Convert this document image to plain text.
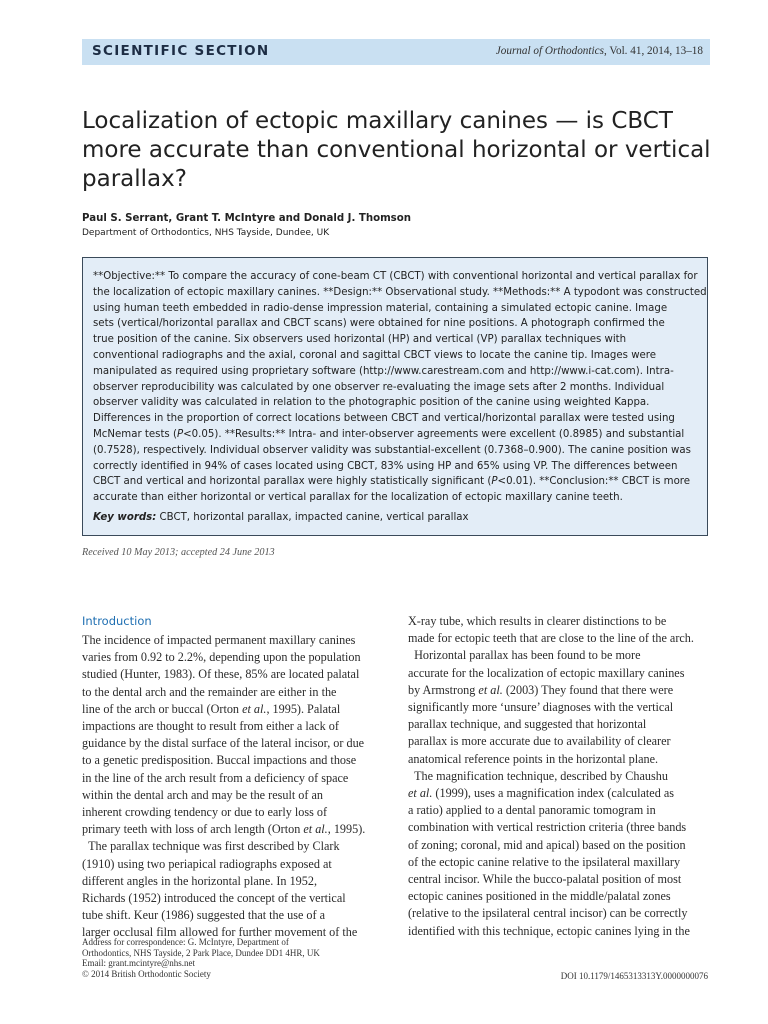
SCIENTIFIC SECTION	Journal of Orthodontics, Vol. 41, 2014, 13–18
Localization of ectopic maxillary canines — is CBCT
more accurate than conventional horizontal or vertical
parallax?
Paul S. Serrant, Grant T. McIntyre and Donald J. Thomson
Department of Orthodontics, NHS Tayside, Dundee, UK
**Objective:** To compare the accuracy of cone-beam CT (CBCT) with conventional horizontal and vertical parallax for
the localization of ectopic maxillary canines. **Design:** Observational study. **Methods:** A typodont was constructed
using human teeth embedded in radio-dense impression material, containing a simulated ectopic canine. Image
sets (vertical/horizontal parallax and CBCT scans) were obtained for nine positions. A photograph confirmed the
true position of the canine. Six observers used horizontal (HP) and vertical (VP) parallax techniques with
conventional radiographs and the axial, coronal and sagittal CBCT views to locate the canine tip. Images were
manipulated as required using proprietary software (http://www.carestream.com and http://www.i-cat.com). Intra-
observer reproducibility was calculated by one observer re-evaluating the image sets after 2 months. Individual
observer validity was calculated in relation to the photographic position of the canine using weighted Kappa.
Differences in the proportion of correct locations between CBCT and vertical/horizontal parallax were tested using
McNemar tests (P<0.05). **Results:** Intra- and inter-observer agreements were excellent (0.8985) and substantial
(0.7528), respectively. Individual observer validity was substantial-excellent (0.7368–0.900). The canine position was
correctly identified in 94% of cases located using CBCT, 83% using HP and 65% using VP. The differences between
CBCT and vertical and horizontal parallax were highly statistically significant (P<0.01). **Conclusion:** CBCT is more
accurate than either horizontal or vertical parallax for the localization of ectopic maxillary canine teeth.
Key words: CBCT, horizontal parallax, impacted canine, vertical parallax
Received 10 May 2013; accepted 24 June 2013
Introduction
The incidence of impacted permanent maxillary canines
varies from 0.92 to 2.2%, depending upon the population
studied (Hunter, 1983). Of these, 85% are located palatal
to the dental arch and the remainder are either in the
line of the arch or buccal (Orton et al., 1995). Palatal
impactions are thought to result from either a lack of
guidance by the distal surface of the lateral incisor, or due
to a genetic predisposition. Buccal impactions and those
in the line of the arch result from a deficiency of space
within the dental arch and may be the result of an
inherent crowding tendency or due to early loss of
primary teeth with loss of arch length (Orton et al., 1995).
The parallax technique was first described by Clark
(1910) using two periapical radiographs exposed at
different angles in the horizontal plane. In 1952,
Richards (1952) introduced the concept of the vertical
tube shift. Keur (1986) suggested that the use of a
larger occlusal film allowed for further movement of the
X-ray tube, which results in clearer distinctions to be
made for ectopic teeth that are close to the line of the arch.
Horizontal parallax has been found to be more
accurate for the localization of ectopic maxillary canines
by Armstrong et al. (2003) They found that there were
significantly more ‘unsure’ diagnoses with the vertical
parallax technique, and suggested that horizontal
parallax is more accurate due to availability of clearer
anatomical reference points in the horizontal plane.
The magnification technique, described by Chaushu
et al. (1999), uses a magnification index (calculated as
a ratio) applied to a dental panoramic tomogram in
combination with vertical restriction criteria (three bands
of zoning; coronal, mid and apical) based on the position
of the ectopic canine relative to the ipsilateral maxillary
central incisor. While the bucco-palatal position of most
ectopic canines positioned in the middle/palatal zones
(relative to the ipsilateral central incisor) can be correctly
identified with this technique, ectopic canines lying in the
Address for correspondence: G. McIntyre, Department of
Orthodontics, NHS Tayside, 2 Park Place, Dundee DD1 4HR, UK
Email: grant.mcintyre@nhs.net
© 2014 British Orthodontic Society	DOI 10.1179/1465313313Y.0000000076
